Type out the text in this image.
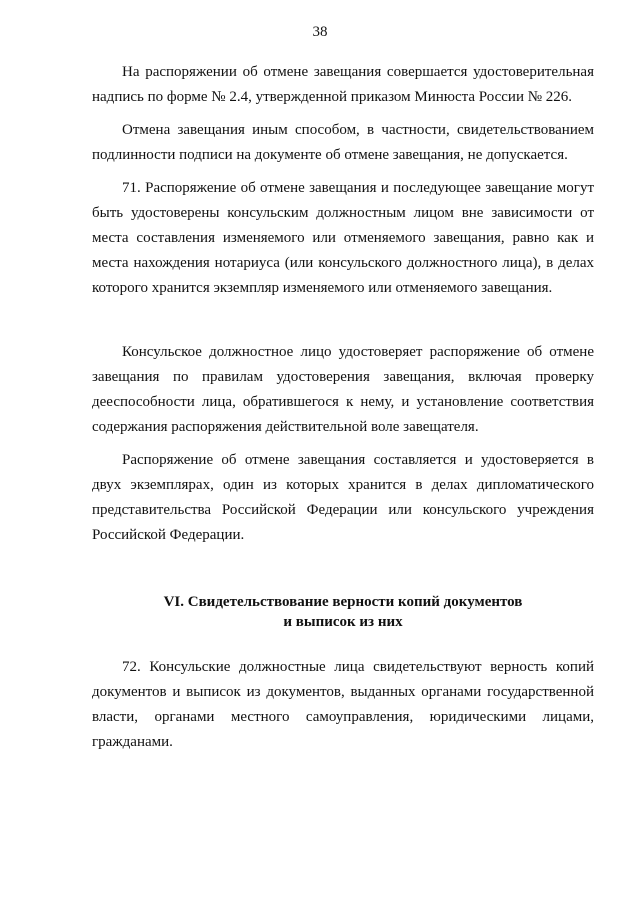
38

На распоряжении об отмене завещания совершается удостоверительная надпись по форме № 2.4, утвержденной приказом Минюста России № 226.

Отмена завещания иным способом, в частности, свидетельствованием подлинности подписи на документе об отмене завещания, не допускается.

71. Распоряжение об отмене завещания и последующее завещание могут быть удостоверены консульским должностным лицом вне зависимости от места составления изменяемого или отменяемого завещания, равно как и места нахождения нотариуса (или консульского должностного лица), в делах которого хранится экземпляр изменяемого или отменяемого завещания.

Консульское должностное лицо удостоверяет распоряжение об отмене завещания по правилам удостоверения завещания, включая проверку дееспособности лица, обратившегося к нему, и установление соответствия содержания распоряжения действительной воле завещателя.

Распоряжение об отмене завещания составляется и удостоверяется в двух экземплярах, один из которых хранится в делах дипломатического представительства Российской Федерации или консульского учреждения Российской Федерации.

VI. Свидетельствование верности копий документов
и выписок из них

72. Консульские должностные лица свидетельствуют верность копий документов и выписок из документов, выданных органами государственной власти, органами местного самоуправления, юридическими лицами, гражданами.
